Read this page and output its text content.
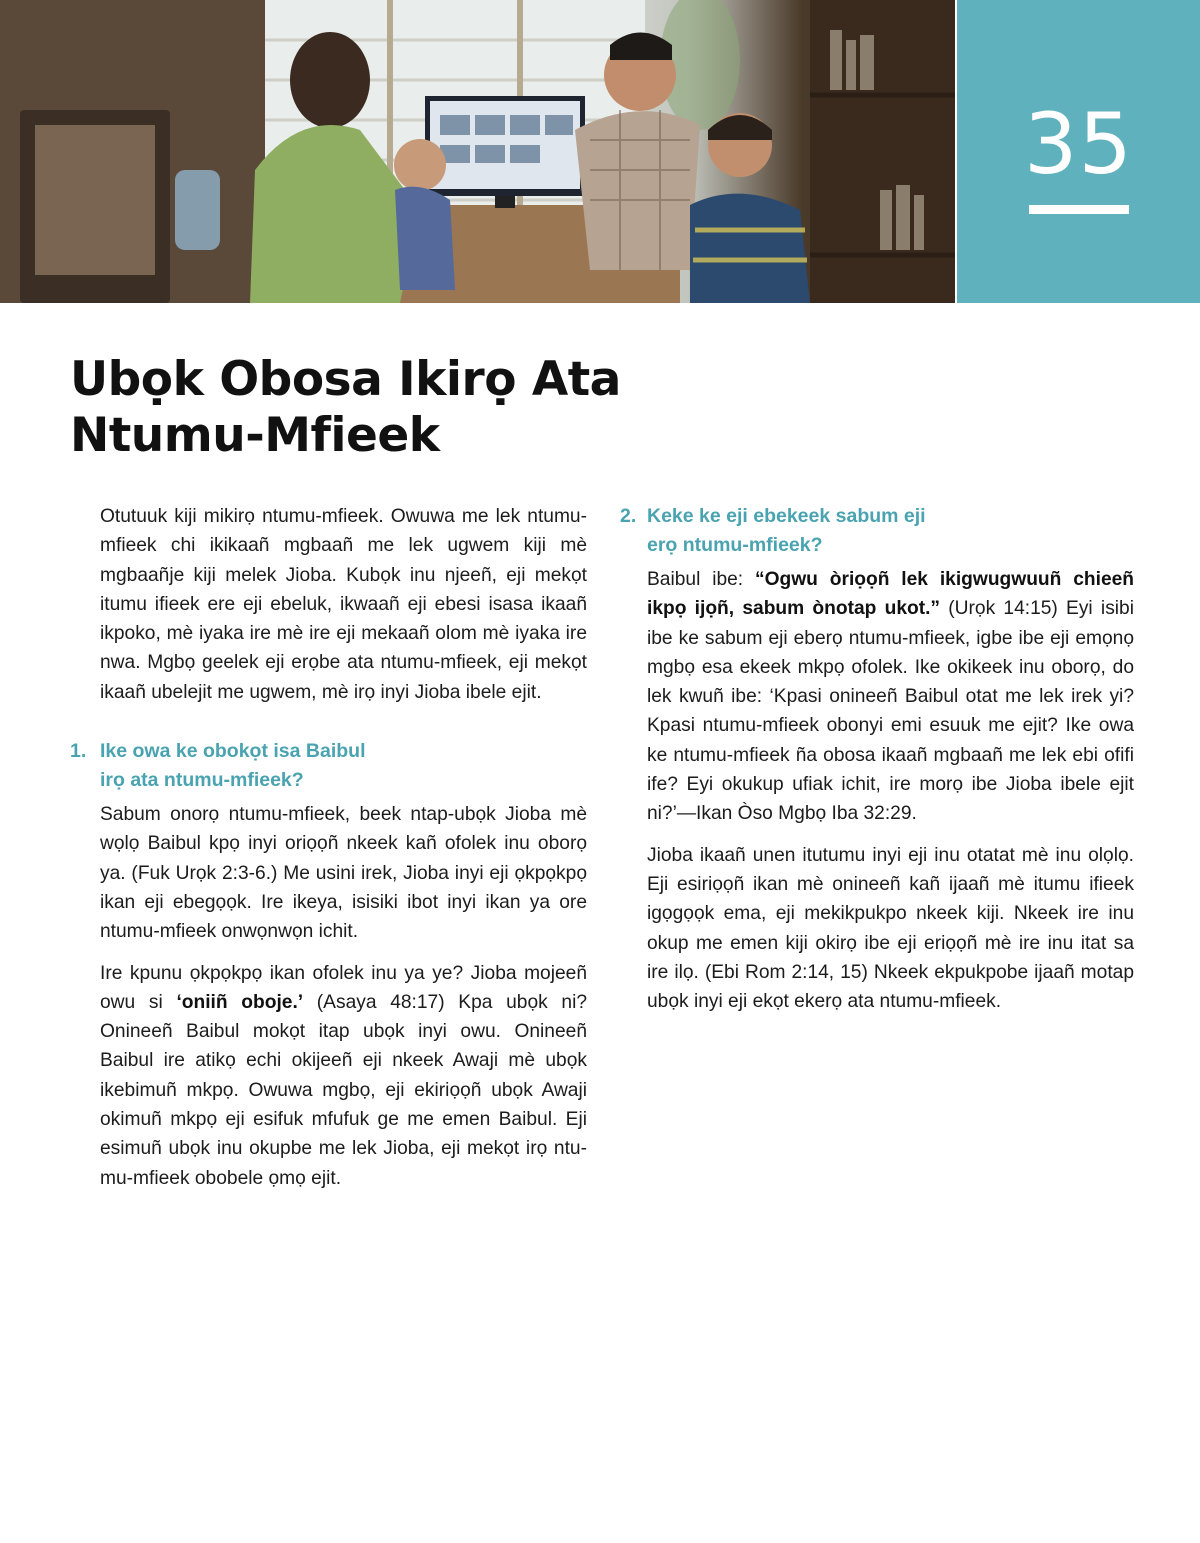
35
Ubọk Obosa Ikirọ Ata
Ntumu-Mfieek

Otutuuk kiji mikirọ ntumu-mfieek. Owuwa me lek ntumu-mfieek chi ikikaañ mgbaañ me lek ugwem kiji mè mgbaañje kiji melek Jioba. Kubọk inu njeeñ, eji mekọt itumu ifieek ere eji ebeluk, ikwaañ eji ebesi isasa ikaañ ikpoko, mè iyaka ire mè ire eji mekaañ olom mè iyaka ire nwa. Mgbọ geelek eji erọbe ata ntumu-mfieek, eji mekọt ikaañ ubelejit me ugwem, mè irọ inyi Jioba ibele ejit.

1. Ike owa ke obokọt isa Baibul
irọ ata ntumu-mfieek?

Sabum onorọ ntumu-mfieek, beek ntap-ubọk Jioba mè wọlọ Baibul kpọ inyi oriọọñ nkeek kañ ofolek inu oborọ ya. (Fuk Urọk 2:3-6.) Me usini irek, Jioba inyi eji ọkpọkpọ ikan eji ebegọọk. Ire ikeya, isisiki ibot inyi ikan ya ore ntumu-mfieek onwọnwọn ichit.

Ire kpunu ọkpọkpọ ikan ofolek inu ya ye? Jioba mojeeñ owu si ‘oniiñ oboje.’ (Asaya 48:17) Kpa ubọk ni? Onineeñ Baibul mokọt itap ubọk inyi owu. Onineeñ Baibul ire atikọ echi okijeeñ eji nkeek Awaji mè ubọk ikebimuñ mkpọ. Owuwa mgbọ, eji ekiriọọñ ubọk Awaji okimuñ mkpọ eji esifuk mfufuk ge me emen Baibul. Eji esimuñ ubọk inu okupbe me lek Jioba, eji mekọt irọ ntumu-mfieek obobele ọmọ ejit.

2. Keke ke eji ebekeek sabum eji
erọ ntumu-mfieek?

Baibul ibe: “Ogwu òriọọñ lek ikigwugwuuñ chieeñ ikpọ ijọñ, sabum ònotap ukot.” (Urọk 14:15) Eyi isibi ibe ke sabum eji eberọ ntumu-mfieek, igbe ibe eji emọnọ mgbọ esa ekeek mkpọ ofolek. Ike okikeek inu oborọ, do lek kwuñ ibe: ‘Kpasi onineeñ Baibul otat me lek irek yi? Kpasi ntumu-mfieek obonyi emi esuuk me ejit? Ike owa ke ntumu-mfieek ña obosa ikaañ mgbaañ me lek ebi ofifi ife? Eyi okukup ufiak ichit, ire morọ ibe Jioba ibele ejit ni?’—Ikan Òso Mgbọ Iba 32:29.

Jioba ikaañ unen itutumu inyi eji inu otatat mè inu olọlọ. Eji esiriọọñ ikan mè onineeñ kañ ijaañ mè itumu ifieek igọgọọk ema, eji mekikpukpo nkeek kiji. Nkeek ire inu okup me emen kiji okirọ ibe eji eriọọñ mè ire inu itat sa ire ilọ. (Ebi Rom 2:14, 15) Nkeek ekpukpobe ijaañ motap ubọk inyi eji ekọt ekerọ ata ntumu-mfieek.
